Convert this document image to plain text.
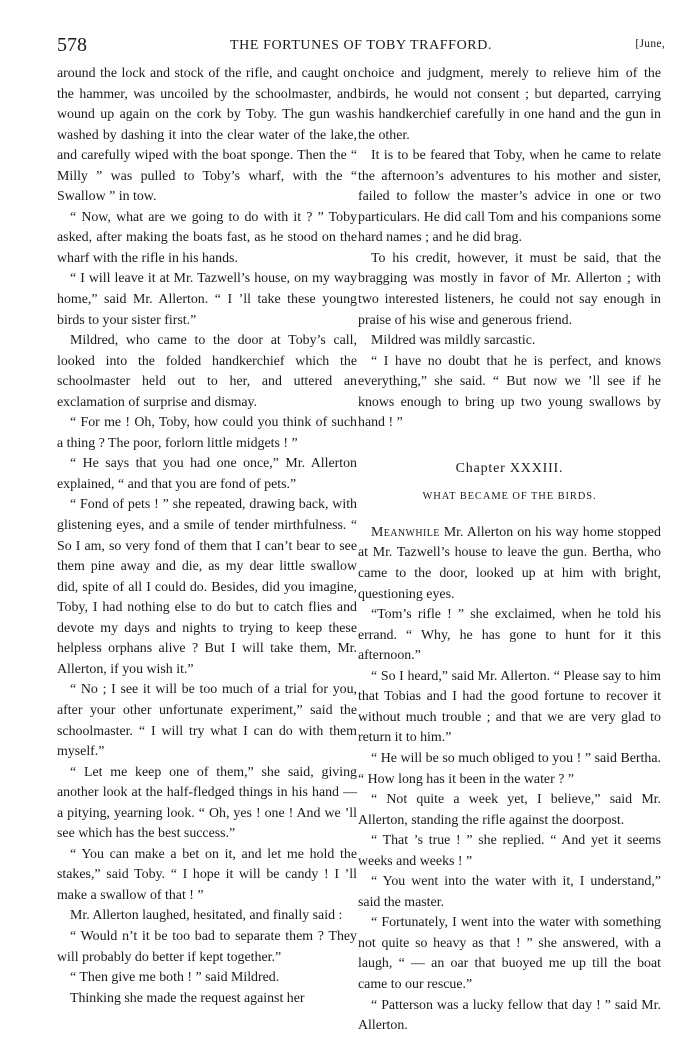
578	THE FORTUNES OF TOBY TRAFFORD.	[June,

around the lock and stock of the rifle, and caught on the hammer, was uncoiled by the schoolmaster, and wound up again on the cork by Toby. The gun was washed by dashing it into the clear water of the lake, and carefully wiped with the boat sponge. Then the “ Milly ” was pulled to Toby’s wharf, with the “ Swallow ” in tow.

“ Now, what are we going to do with it ? ” Toby asked, after making the boats fast, as he stood on the wharf with the rifle in his hands.

“ I will leave it at Mr. Tazwell’s house, on my way home,” said Mr. Allerton. “ I ’ll take these young birds to your sister first.”

Mildred, who came to the door at Toby’s call, looked into the folded handkerchief which the schoolmaster held out to her, and uttered an exclamation of surprise and dismay.

“ For me ! Oh, Toby, how could you think of such a thing ? The poor, forlorn little midgets ! ”

“ He says that you had one once,” Mr. Allerton explained, “ and that you are fond of pets.”

“ Fond of pets ! ” she repeated, drawing back, with glistening eyes, and a smile of tender mirthfulness. “ So I am, so very fond of them that I can’t bear to see them pine away and die, as my dear little swallow did, spite of all I could do. Besides, did you imagine, Toby, I had nothing else to do but to catch flies and devote my days and nights to trying to keep these helpless orphans alive ? But I will take them, Mr. Allerton, if you wish it.”

“ No ; I see it will be too much of a trial for you, after your other unfortunate experiment,” said the schoolmaster. “ I will try what I can do with them myself.”

“ Let me keep one of them,” she said, giving another look at the half-fledged things in his hand — a pitying, yearning look. “ Oh, yes ! one ! And we ’ll see which has the best success.”

“ You can make a bet on it, and let me hold the stakes,” said Toby. “ I hope it will be candy ! I ’ll make a swallow of that ! ”

Mr. Allerton laughed, hesitated, and finally said :

“ Would n’t it be too bad to separate them ? They will probably do better if kept together.”

“ Then give me both ! ” said Mildred.

Thinking she made the request against her

choice and judgment, merely to relieve him of the birds, he would not consent ; but departed, carrying his handkerchief carefully in one hand and the gun in the other.

It is to be feared that Toby, when he came to relate the afternoon’s adventures to his mother and sister, failed to follow the master’s advice in one or two particulars. He did call Tom and his companions some hard names ; and he did brag.

To his credit, however, it must be said, that the bragging was mostly in favor of Mr. Allerton ; with two interested listeners, he could not say enough in praise of his wise and generous friend.

Mildred was mildly sarcastic.

“ I have no doubt that he is perfect, and knows everything,” she said. “ But now we ’ll see if he knows enough to bring up two young swallows by hand ! ”

Chapter XXXIII.
WHAT BECAME OF THE BIRDS.

Meanwhile Mr. Allerton on his way home stopped at Mr. Tazwell’s house to leave the gun. Bertha, who came to the door, looked up at him with bright, questioning eyes.

“Tom’s rifle ! ” she exclaimed, when he told his errand. “ Why, he has gone to hunt for it this afternoon.”

“ So I heard,” said Mr. Allerton. “ Please say to him that Tobias and I had the good fortune to recover it without much trouble ; and that we are very glad to return it to him.”

“ He will be so much obliged to you ! ” said Bertha. “ How long has it been in the water ? ”

“ Not quite a week yet, I believe,” said Mr. Allerton, standing the rifle against the doorpost.

“ That ’s true ! ” she replied. “ And yet it seems weeks and weeks ! ”

“ You went into the water with it, I understand,” said the master.

“ Fortunately, I went into the water with something not quite so heavy as that ! ” she answered, with a laugh, “ — an oar that buoyed me up till the boat came to our rescue.”

“ Patterson was a lucky fellow that day ! ” said Mr. Allerton.
